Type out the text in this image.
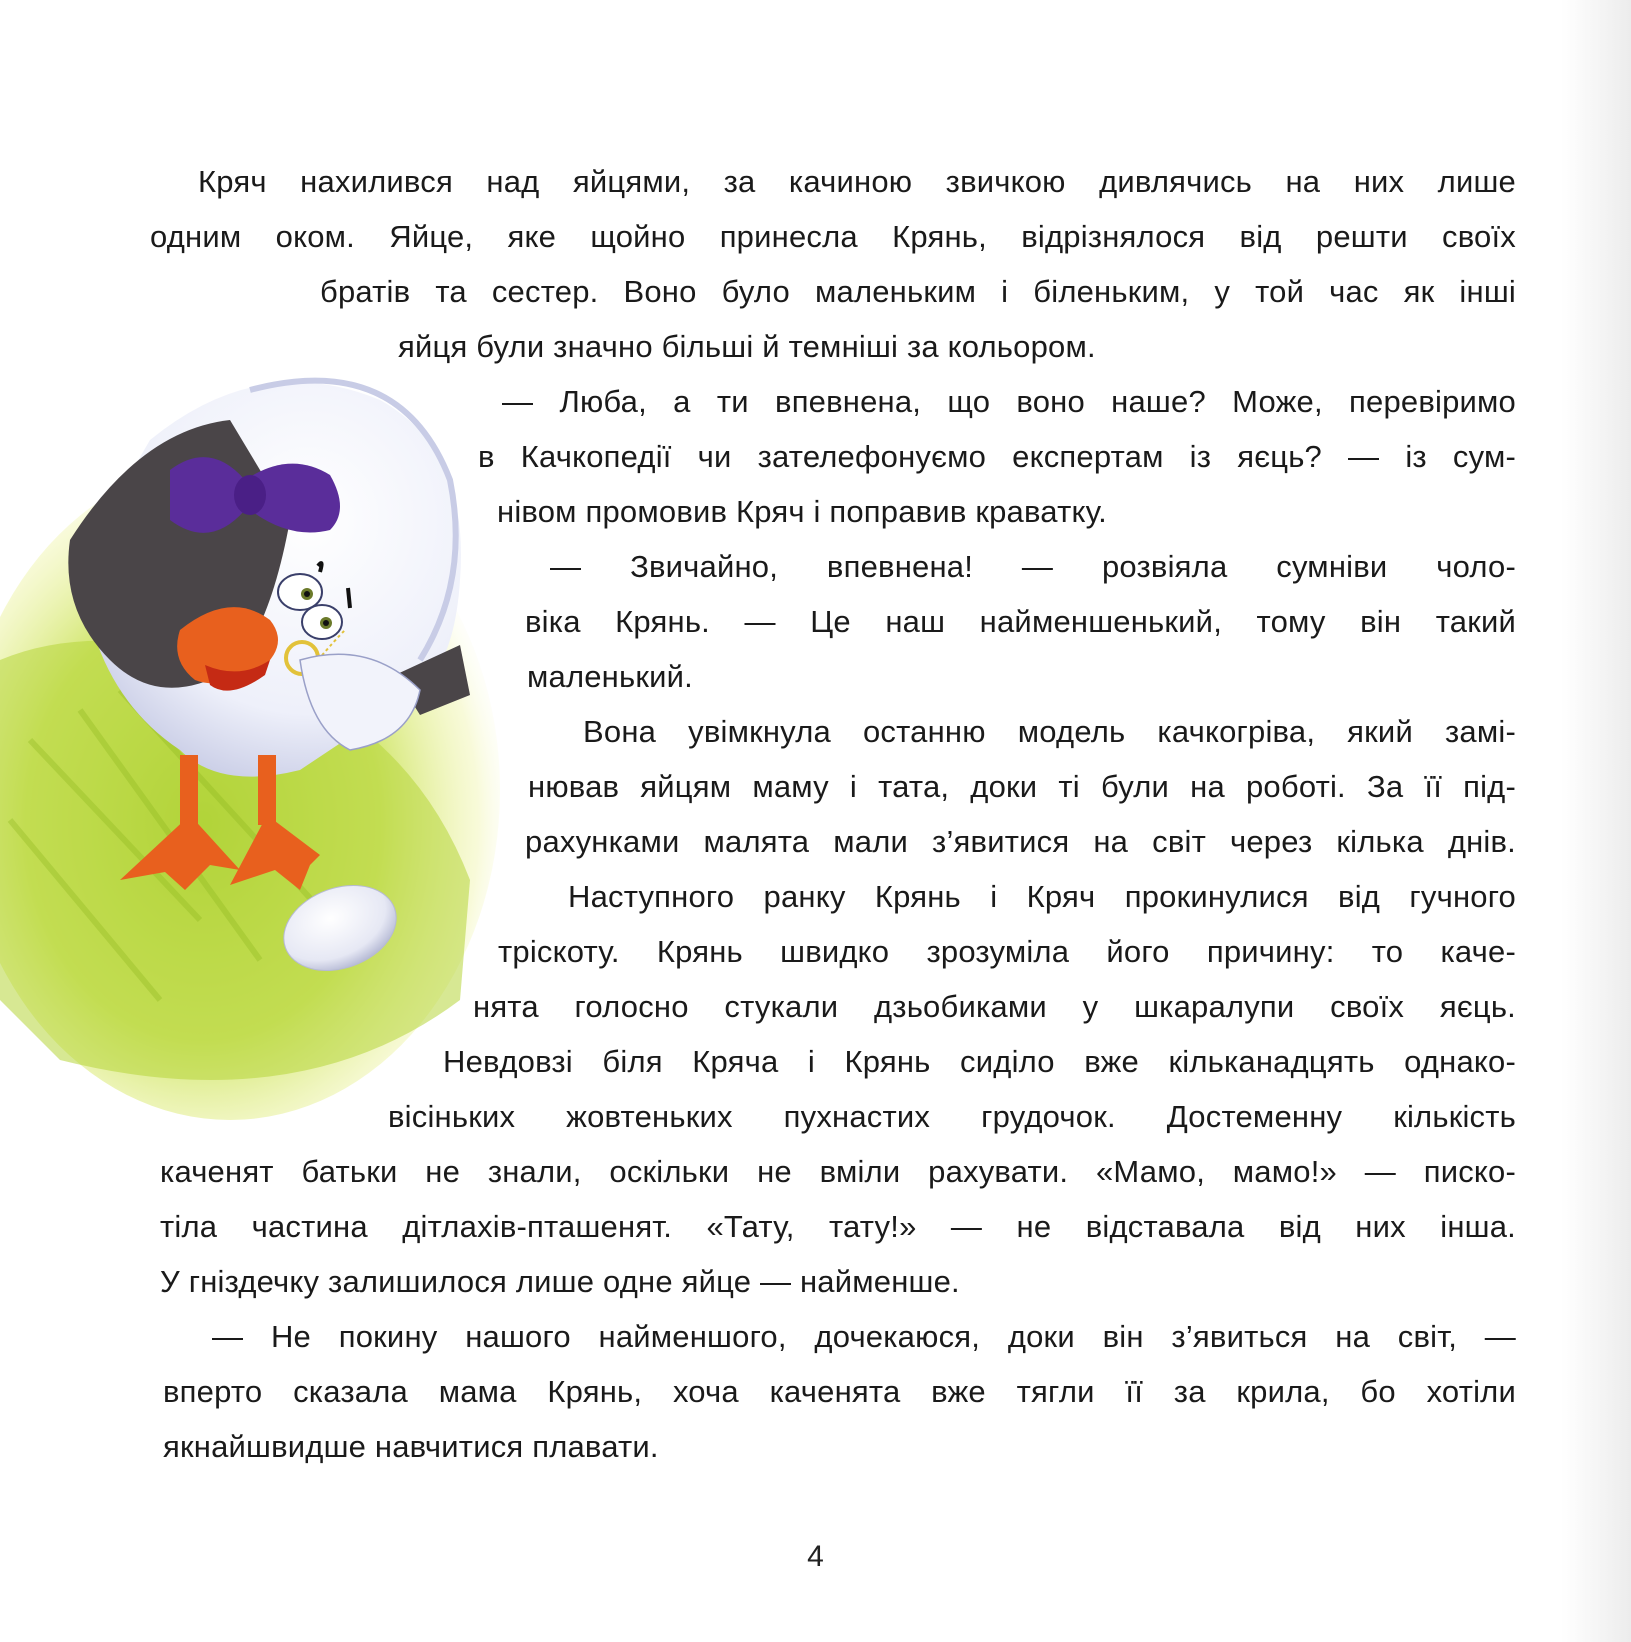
Кряч нахилився над яйцями, за качиною звичкою дивлячись на них лише
одним оком. Яйце, яке щойно принесла Крянь, відрізнялося від решти своїх
братів та сестер. Воно було маленьким і біленьким, у той час як інші
яйця були значно більші й темніші за кольором.
— Люба, а ти впевнена, що воно наше? Може, перевіримо
в Качкопедії чи зателефонуємо експертам із яєць? — із сум-
нівом промовив Кряч і поправив краватку.
— Звичайно, впевнена! — розвіяла сумніви чоло-
віка Крянь. — Це наш найменшенький, тому він такий
маленький.
Вона увімкнула останню модель качкогріва, який замі-
нював яйцям маму і тата, доки ті були на роботі. За її під-
рахунками малята мали з’явитися на світ через кілька днів.
Наступного ранку Крянь і Кряч прокинулися від гучного
тріскоту. Крянь швидко зрозуміла його причину: то каче-
нята голосно стукали дзьобиками у шкаралупи своїх яєць.
Невдовзі біля Кряча і Крянь сиділо вже кільканадцять однако-
вісіньких жовтеньких пухнастих грудочок. Достеменну кількість
каченят батьки не знали, оскільки не вміли рахувати. «Мамо, мамо!» — писко-
тіла частина дітлахів-пташенят. «Тату, тату!» — не відставала від них інша.
У гніздечку залишилося лише одне яйце — найменше.
— Не покину нашого найменшого, дочекаюся, доки він з’явиться на світ, —
вперто сказала мама Крянь, хоча каченята вже тягли її за крила, бо хотіли
якнайшвидше навчитися плавати.
4
